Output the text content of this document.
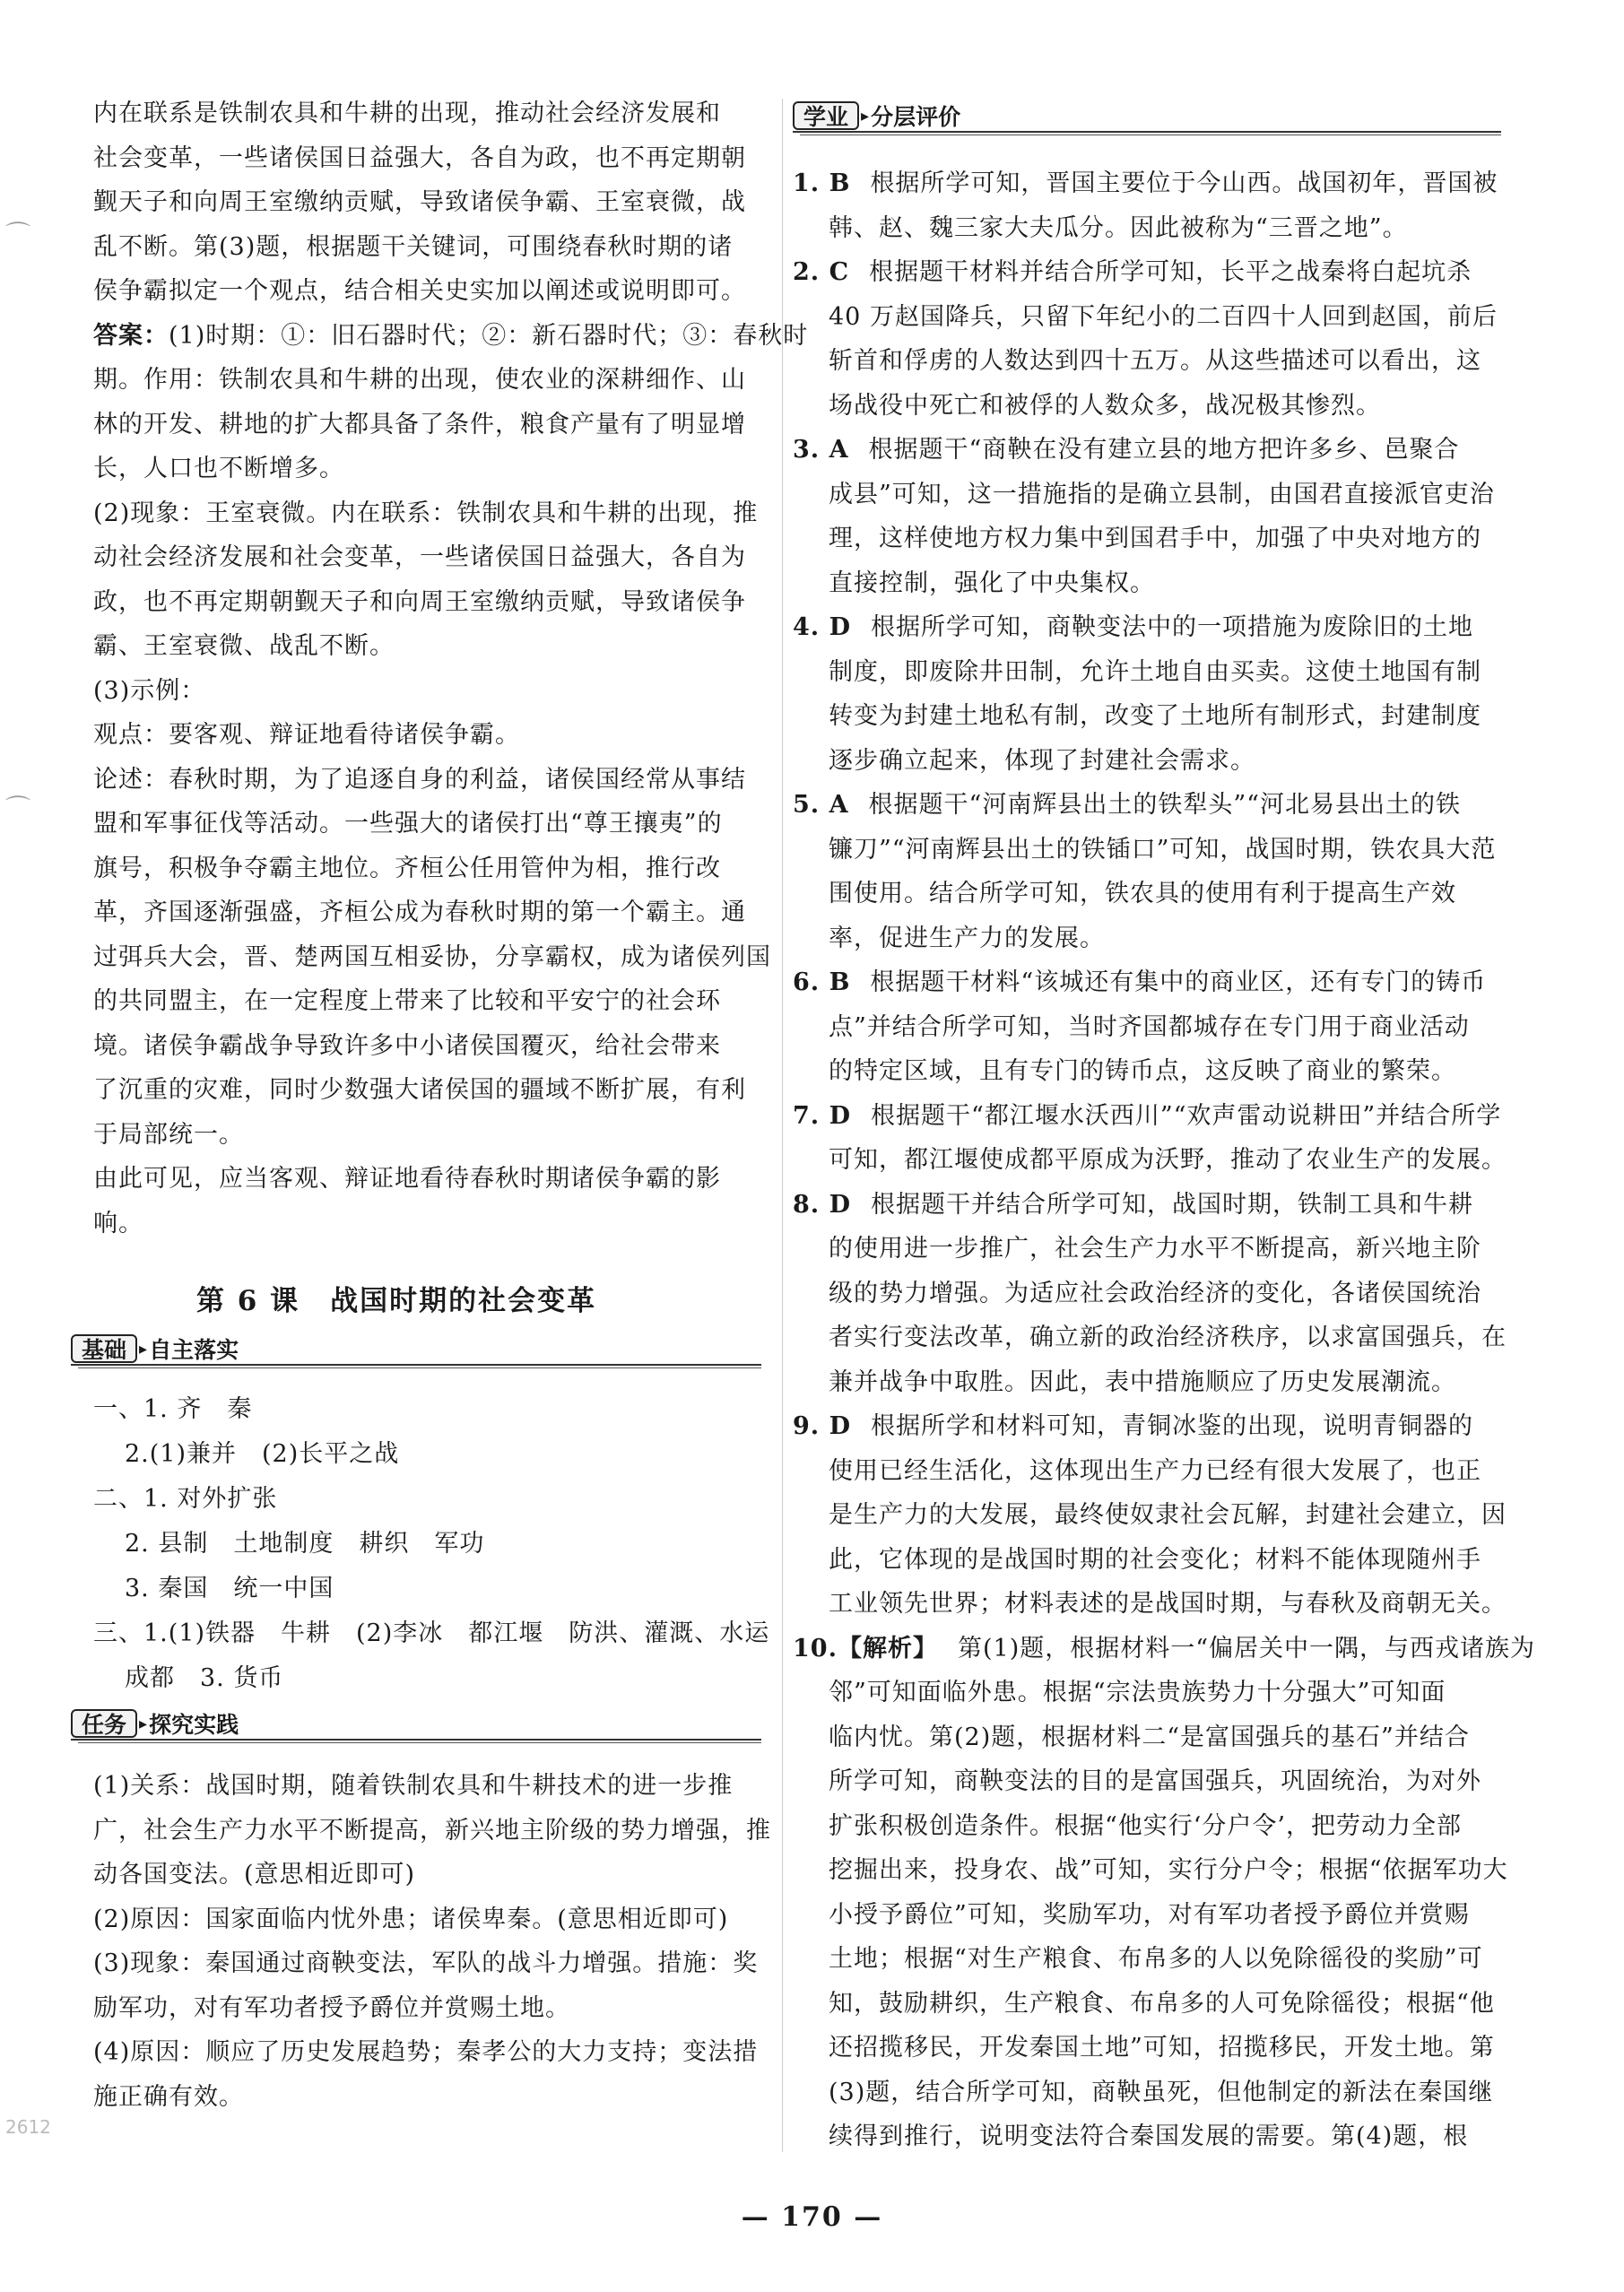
内在联系是铁制农具和牛耕的出现，推动社会经济发展和
社会变革，一些诸侯国日益强大，各自为政，也不再定期朝
觐天子和向周王室缴纳贡赋，导致诸侯争霸、王室衰微，战
乱不断。第(3)题，根据题干关键词，可围绕春秋时期的诸
侯争霸拟定一个观点，结合相关史实加以阐述或说明即可。
答案：(1)时期：①：旧石器时代；②：新石器时代；③：春秋时
期。作用：铁制农具和牛耕的出现，使农业的深耕细作、山
林的开发、耕地的扩大都具备了条件，粮食产量有了明显增
长，人口也不断增多。
(2)现象：王室衰微。内在联系：铁制农具和牛耕的出现，推
动社会经济发展和社会变革，一些诸侯国日益强大，各自为
政，也不再定期朝觐天子和向周王室缴纳贡赋，导致诸侯争
霸、王室衰微、战乱不断。
(3)示例：
观点：要客观、辩证地看待诸侯争霸。
论述：春秋时期，为了追逐自身的利益，诸侯国经常从事结
盟和军事征伐等活动。一些强大的诸侯打出“尊王攘夷”的
旗号，积极争夺霸主地位。齐桓公任用管仲为相，推行改
革，齐国逐渐强盛，齐桓公成为春秋时期的第一个霸主。通
过弭兵大会，晋、楚两国互相妥协，分享霸权，成为诸侯列国
的共同盟主，在一定程度上带来了比较和平安宁的社会环
境。诸侯争霸战争导致许多中小诸侯国覆灭，给社会带来
了沉重的灾难，同时少数强大诸侯国的疆域不断扩展，有利
于局部统一。
由此可见，应当客观、辩证地看待春秋时期诸侯争霸的影
响。
第 6 课 战国时期的社会变革
基础 ▸ 自主落实
一、1. 齐　秦
2.(1)兼并　(2)长平之战
二、1. 对外扩张
2. 县制　土地制度　耕织　军功
3. 秦国　统一中国
三、1.(1)铁器　牛耕　(2)李冰　都江堰　防洪、灌溉、水运
成都　3. 货币
任务 ▸ 探究实践
(1)关系：战国时期，随着铁制农具和牛耕技术的进一步推
广，社会生产力水平不断提高，新兴地主阶级的势力增强，推
动各国变法。(意思相近即可)
(2)原因：国家面临内忧外患；诸侯卑秦。(意思相近即可)
(3)现象：秦国通过商鞅变法，军队的战斗力增强。措施：奖
励军功，对有军功者授予爵位并赏赐土地。
(4)原因：顺应了历史发展趋势；秦孝公的大力支持；变法措
施正确有效。
学业 ▸ 分层评价
1. B 根据所学可知，晋国主要位于今山西。战国初年，晋国被
韩、赵、魏三家大夫瓜分。因此被称为“三晋之地”。
2. C 根据题干材料并结合所学可知，长平之战秦将白起坑杀
40 万赵国降兵，只留下年纪小的二百四十人回到赵国，前后
斩首和俘虏的人数达到四十五万。从这些描述可以看出，这
场战役中死亡和被俘的人数众多，战况极其惨烈。
3. A 根据题干“商鞅在没有建立县的地方把许多乡、邑聚合
成县”可知，这一措施指的是确立县制，由国君直接派官吏治
理，这样使地方权力集中到国君手中，加强了中央对地方的
直接控制，强化了中央集权。
4. D 根据所学可知，商鞅变法中的一项措施为废除旧的土地
制度，即废除井田制，允许土地自由买卖。这使土地国有制
转变为封建土地私有制，改变了土地所有制形式，封建制度
逐步确立起来，体现了封建社会需求。
5. A 根据题干“河南辉县出土的铁犁头”“河北易县出土的铁
镰刀”“河南辉县出土的铁锸口”可知，战国时期，铁农具大范
围使用。结合所学可知，铁农具的使用有利于提高生产效
率，促进生产力的发展。
6. B 根据题干材料“该城还有集中的商业区，还有专门的铸币
点”并结合所学可知，当时齐国都城存在专门用于商业活动
的特定区域，且有专门的铸币点，这反映了商业的繁荣。
7. D 根据题干“都江堰水沃西川”“欢声雷动说耕田”并结合所学
可知，都江堰使成都平原成为沃野，推动了农业生产的发展。
8. D 根据题干并结合所学可知，战国时期，铁制工具和牛耕
的使用进一步推广，社会生产力水平不断提高，新兴地主阶
级的势力增强。为适应社会政治经济的变化，各诸侯国统治
者实行变法改革，确立新的政治经济秩序，以求富国强兵，在
兼并战争中取胜。因此，表中措施顺应了历史发展潮流。
9. D 根据所学和材料可知，青铜冰鉴的出现，说明青铜器的
使用已经生活化，这体现出生产力已经有很大发展了，也正
是生产力的大发展，最终使奴隶社会瓦解，封建社会建立，因
此，它体现的是战国时期的社会变化；材料不能体现随州手
工业领先世界；材料表述的是战国时期，与春秋及商朝无关。
10.【解析】 第(1)题，根据材料一“偏居关中一隅，与西戎诸族为
邻”可知面临外患。根据“宗法贵族势力十分强大”可知面
临内忧。第(2)题，根据材料二“是富国强兵的基石”并结合
所学可知，商鞅变法的目的是富国强兵，巩固统治，为对外
扩张积极创造条件。根据“他实行‘分户令’，把劳动力全部
挖掘出来，投身农、战”可知，实行分户令；根据“依据军功大
小授予爵位”可知，奖励军功，对有军功者授予爵位并赏赐
土地；根据“对生产粮食、布帛多的人以免除徭役的奖励”可
知，鼓励耕织，生产粮食、布帛多的人可免除徭役；根据“他
还招揽移民，开发秦国土地”可知，招揽移民，开发土地。第
(3)题，结合所学可知，商鞅虽死，但他制定的新法在秦国继
续得到推行，说明变法符合秦国发展的需要。第(4)题，根
⌒
⌒
2612
— 170 —
